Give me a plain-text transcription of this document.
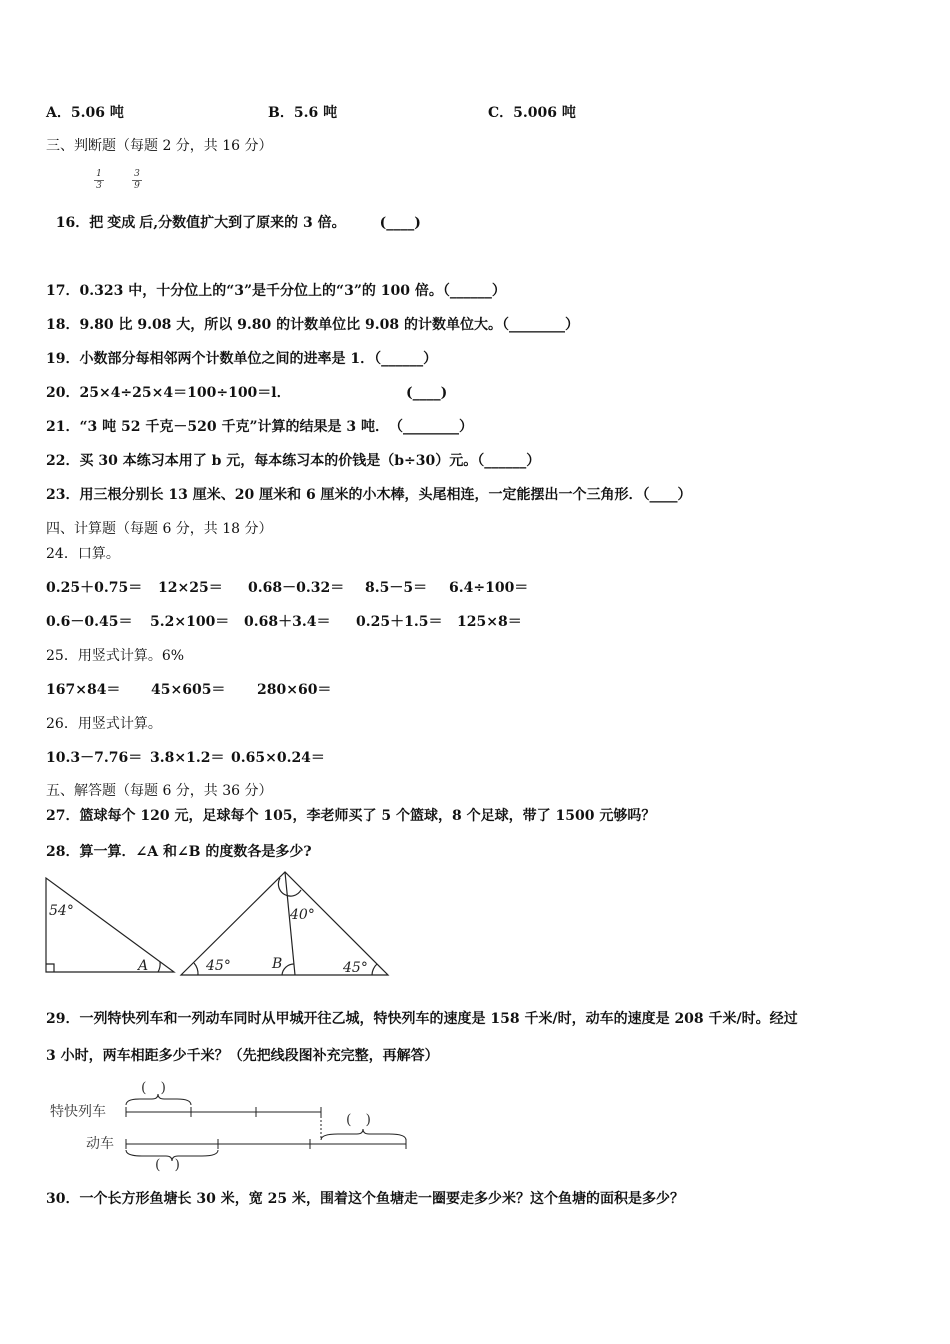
A．5.06 吨	B．5.6 吨	C．5.006 吨
三、判断题（每题 2 分，共 16 分）

16．把 变成 后,分数值扩大到了原来的 3 倍。 (____)

1
3
3
9
17．0.323 中，十分位上的“3”是千分位上的“3”的 100 倍。（______）
18．9.80 比 9.08 大，所以 9.80 的计数单位比 9.08 的计数单位大。（________）
19．小数部分每相邻两个计数单位之间的进率是 1．（______）
20．25×4÷25×4＝100÷100＝l．	(____)
21．“3 吨 52 千克－520 千克”计算的结果是 3 吨．　（________）
22．买 30 本练习本用了 b 元，每本练习本的价钱是（b÷30）元。（______）
23．用三根分别长 13 厘米、20 厘米和 6 厘米的小木棒，头尾相连，一定能摆出一个三角形．（____）
四、计算题（每题 6 分，共 18 分）
24．口算。
0.25＋0.75＝ 12×25＝ 0.68－0.32＝ 8.5－5＝ 6.4÷100＝
0.6－0.45＝ 5.2×100＝ 0.68＋3.4＝ 0.25＋1.5＝ 125×8＝
25．用竖式计算。6%
167×84＝ 45×605＝ 280×60＝
26．用竖式计算。
10.3－7.76＝ 3.8×1.2＝ 0.65×0.24＝
五、解答题（每题 6 分，共 36 分）
27．篮球每个 120 元，足球每个 105，李老师买了 5 个篮球，8 个足球，带了 1500 元够吗？
28．算一算．∠A 和∠B 的度数各是多少?
54°
A
40°
45°	B	45°
29．一列特快列车和一列动车同时从甲城开往乙城，特快列车的速度是 158 千米/时，动车的速度是 208 千米/时。经过
3 小时，两车相距多少千米？（先把线段图补充完整，再解答）
特快列车
动车
(　)
(　)
(　)
30．一个长方形鱼塘长 30 米，宽 25 米，围着这个鱼塘走一圈要走多少米？这个鱼塘的面积是多少？
